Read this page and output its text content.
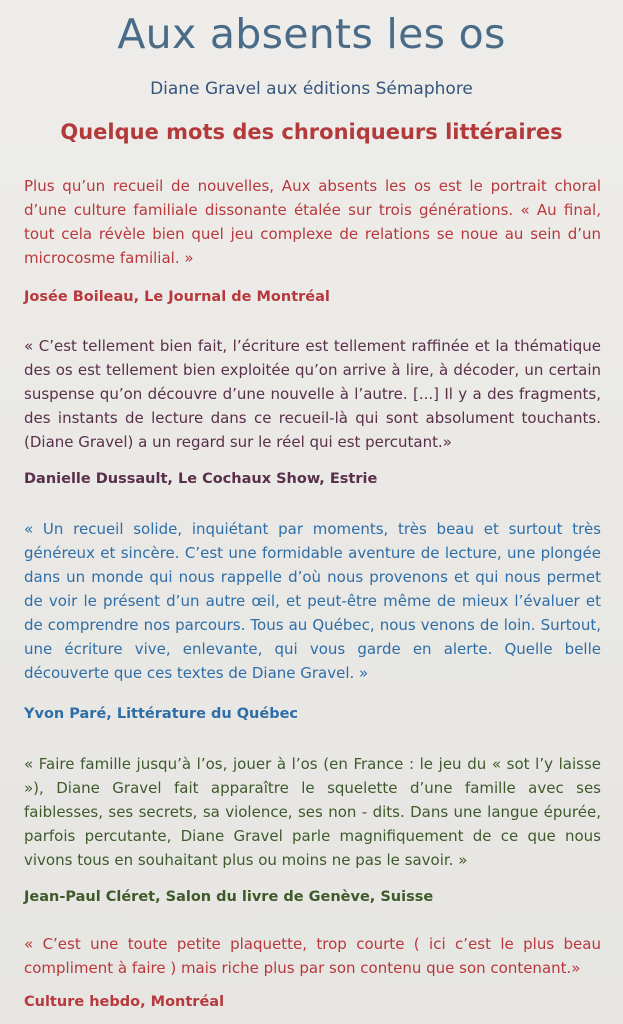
Aux absents les os
Diane Gravel aux éditions Sémaphore
Quelque mots des chroniqueurs littéraires

Plus qu’un recueil de nouvelles, Aux absents les os est le portrait choral d’une culture familiale dissonante étalée sur trois générations. « Au final, tout cela révèle bien quel jeu complexe de relations se noue au sein d’un microcosme familial. »

Josée Boileau, Le Journal de Montréal

« C’est tellement bien fait, l’écriture est tellement raffinée et la thématique des os est tellement bien exploitée qu’on arrive à lire, à décoder, un certain suspense qu’on découvre d’une nouvelle à l’autre. [...] Il y a des fragments, des instants de lecture dans ce recueil-là qui sont absolument touchants. (Diane Gravel) a un regard sur le réel qui est percutant.»

Danielle Dussault, Le Cochaux Show, Estrie

« Un recueil solide, inquiétant par moments, très beau et surtout très généreux et sincère. C’est une formidable aventure de lecture, une plongée dans un monde qui nous rappelle d’où nous provenons et qui nous permet de voir le présent d’un autre œil, et peut-être même de mieux l’évaluer et de comprendre nos parcours. Tous au Québec, nous venons de loin. Surtout, une écriture vive, enlevante, qui vous garde en alerte. Quelle belle découverte que ces textes de Diane Gravel. »

Yvon Paré, Littérature du Québec

« Faire famille jusqu’à l’os, jouer à l’os (en France : le jeu du « sot l’y laisse »), Diane Gravel fait apparaître le squelette d’une famille avec ses faiblesses, ses secrets, sa violence, ses non - dits. Dans une langue épurée, parfois percutante, Diane Gravel parle magnifiquement de ce que nous vivons tous en souhaitant plus ou moins ne pas le savoir. »

Jean-Paul Cléret, Salon du livre de Genève, Suisse

« C’est une toute petite plaquette, trop courte ( ici c’est le plus beau compliment à faire ) mais riche plus par son contenu que son contenant.»

Culture hebdo, Montréal
